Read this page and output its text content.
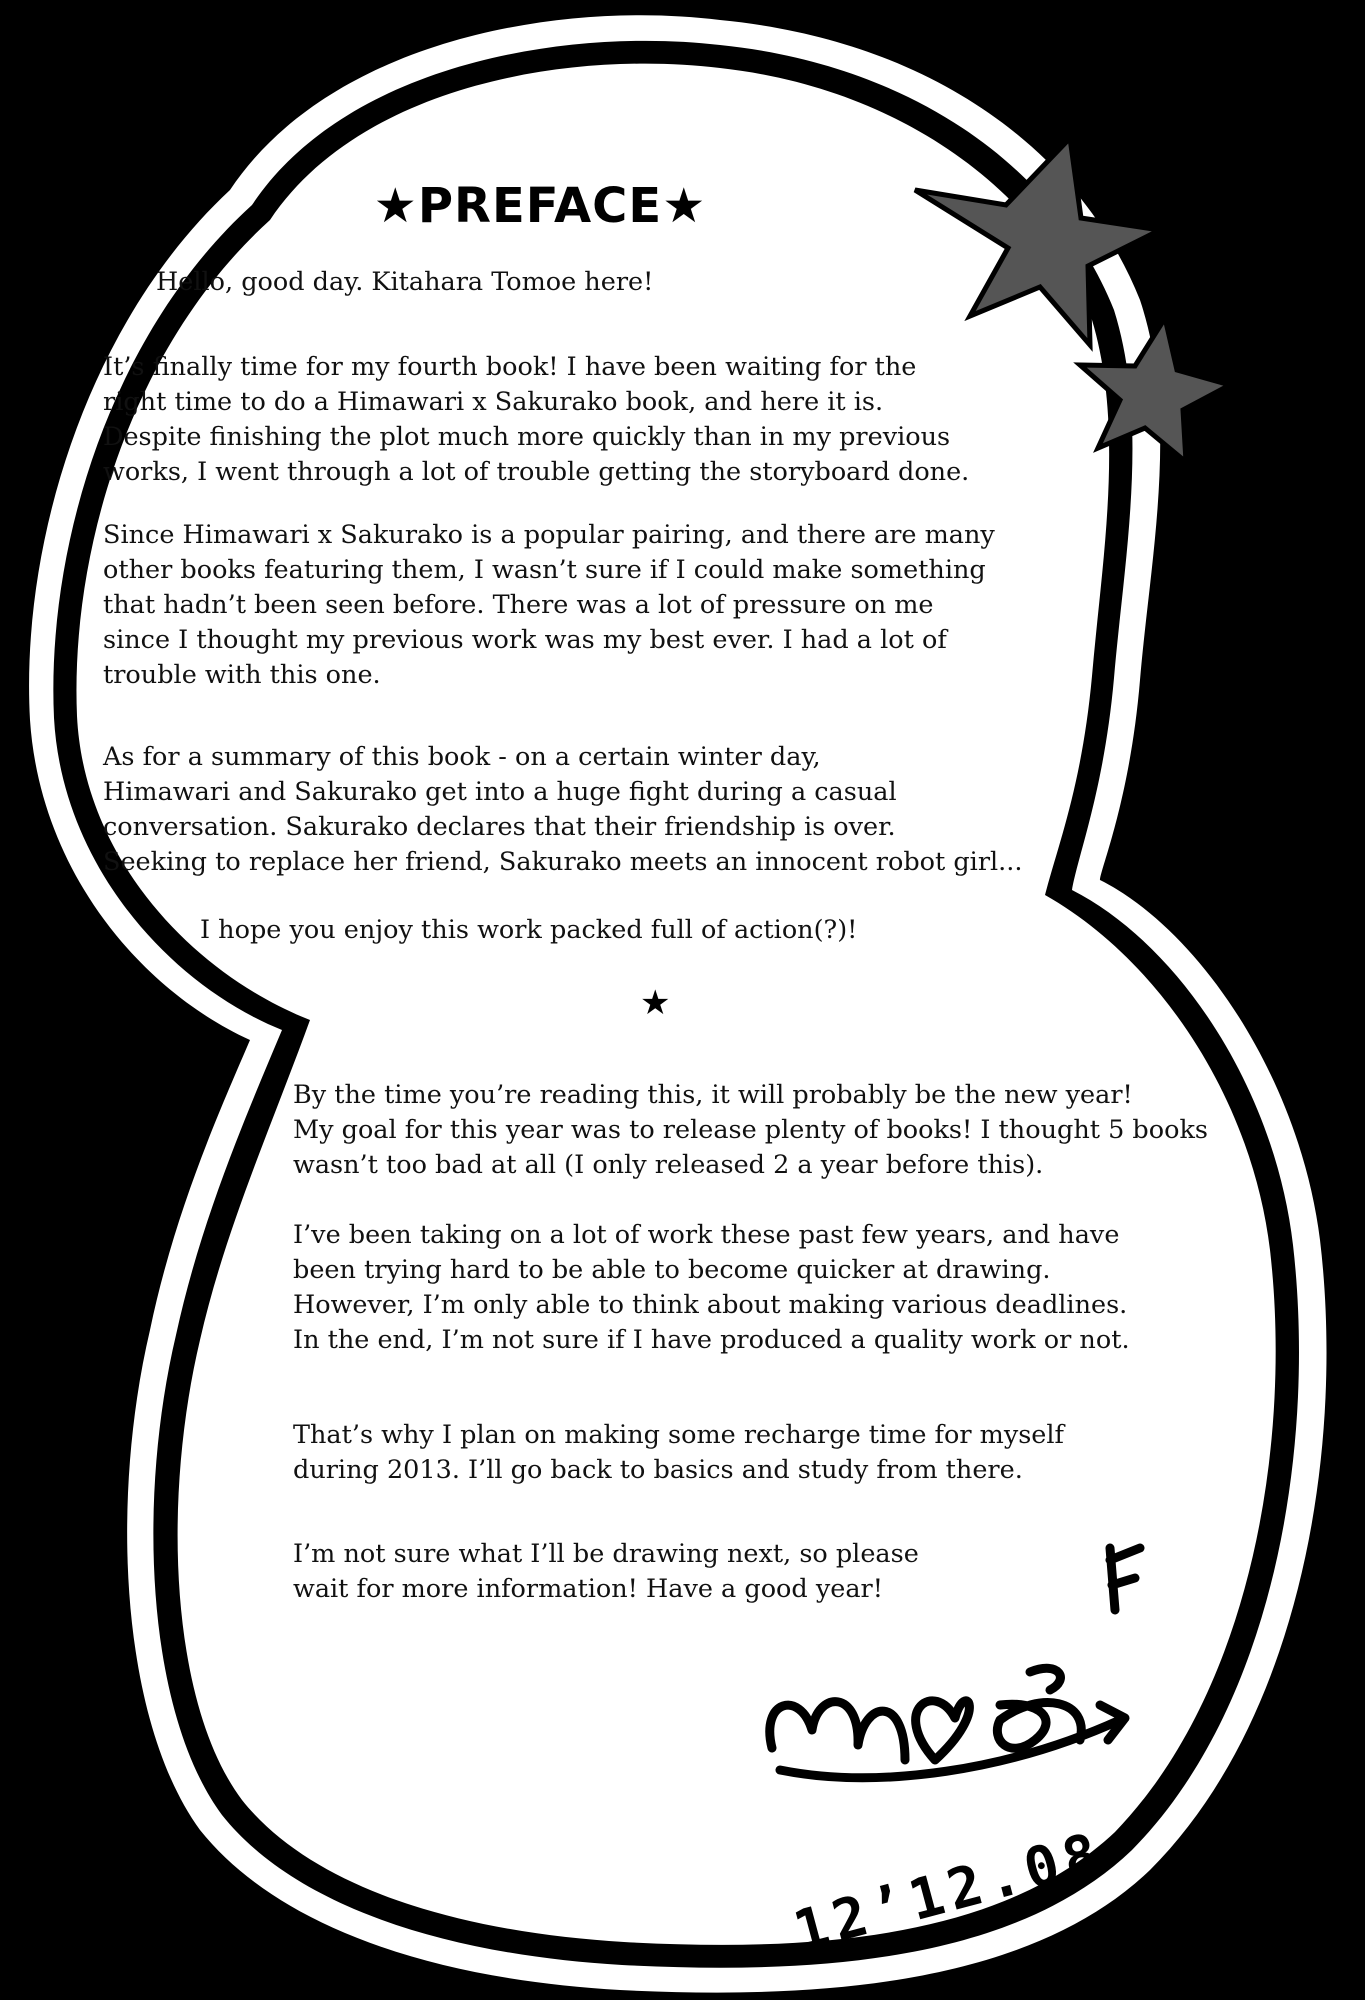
★PREFACE★
Hello, good day. Kitahara Tomoe here!
It’s finally time for my fourth book! I have been waiting for the
right time to do a Himawari x Sakurako book, and here it is.
Despite finishing the plot much more quickly than in my previous
works, I went through a lot of trouble getting the storyboard done.
Since Himawari x Sakurako is a popular pairing, and there are many
other books featuring them, I wasn’t sure if I could make something
that hadn’t been seen before. There was a lot of pressure on me
since I thought my previous work was my best ever. I had a lot of
trouble with this one.
As for a summary of this book - on a certain winter day,
Himawari and Sakurako get into a huge fight during a casual
conversation. Sakurako declares that their friendship is over.
Seeking to replace her friend, Sakurako meets an innocent robot girl...
I hope you enjoy this work packed full of action(?)!
★
By the time you’re reading this, it will probably be the new year!
My goal for this year was to release plenty of books! I thought 5 books
wasn’t too bad at all (I only released 2 a year before this).
I’ve been taking on a lot of work these past few years, and have
been trying hard to be able to become quicker at drawing.
However, I’m only able to think about making various deadlines.
In the end, I’m not sure if I have produced a quality work or not.
That’s why I plan on making some recharge time for myself
during 2013. I’ll go back to basics and study from there.
I’m not sure what I’ll be drawing next, so please
wait for more information! Have a good year!
12’12.08
